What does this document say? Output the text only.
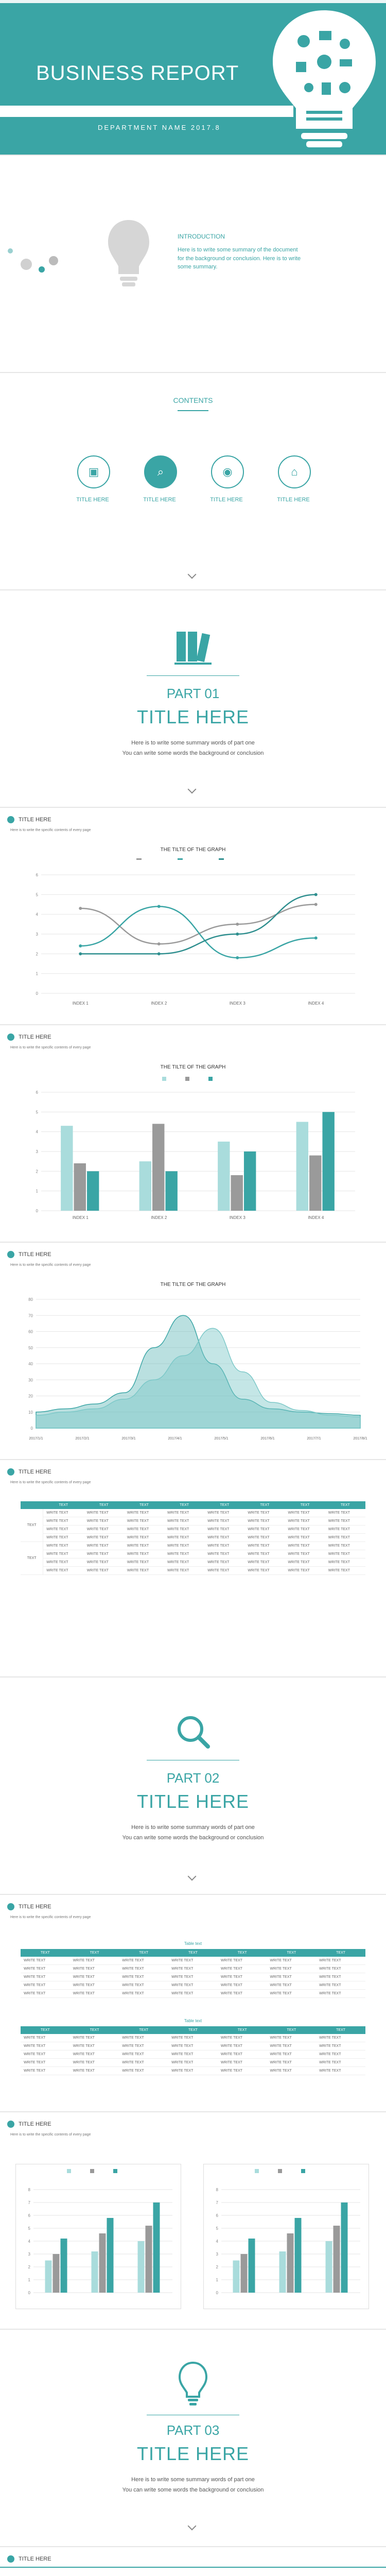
BUSINESS REPORT
DEPARTMENT NAME 2017.8
INTRODUCTION
Here is to write some summary of the document for the background or conclusion. Here is to write some summary.
CONTENTS
▣
TITLE HERE
⌕
TITLE HERE
◉
TITLE HERE
⌂
TITLE HERE
PART 01
TITLE HERE
Here is to write some summary words of part one
You can write some words the background or conclusion
TITLE HERE
Here is to write the specific contents of every page
THE TILTE OF THE GRAPH
0
1
2
3
4
5
6
INDEX 1	INDEX 2	INDEX 3	INDEX 4
TITLE HERE
Here is to write the specific contents of every page
THE TILTE OF THE GRAPH
0
1
2
3
4
5
6
INDEX 1	INDEX 2	INDEX 3	INDEX 4
TITLE HERE
Here is to write the specific contents of every page
THE TILTE OF THE GRAPH
0
10
20
30
40
50
60
70
80
2017/1/1	2017/2/1	2017/3/1	2017/4/1	2017/5/1	2017/6/1	2017/7/1	2017/8/1
TITLE HERE
Here is to write the specific contents of every page
	TEXT	TEXT	TEXT	TEXT	TEXT	TEXT	TEXT	TEXT
TEXT	WRITE TEXT	WRITE TEXT	WRITE TEXT	WRITE TEXT	WRITE TEXT	WRITE TEXT	WRITE TEXT	WRITE TEXT
	WRITE TEXT	WRITE TEXT	WRITE TEXT	WRITE TEXT	WRITE TEXT	WRITE TEXT	WRITE TEXT	WRITE TEXT
	WRITE TEXT	WRITE TEXT	WRITE TEXT	WRITE TEXT	WRITE TEXT	WRITE TEXT	WRITE TEXT	WRITE TEXT
	WRITE TEXT	WRITE TEXT	WRITE TEXT	WRITE TEXT	WRITE TEXT	WRITE TEXT	WRITE TEXT	WRITE TEXT
TEXT	WRITE TEXT	WRITE TEXT	WRITE TEXT	WRITE TEXT	WRITE TEXT	WRITE TEXT	WRITE TEXT	WRITE TEXT
	WRITE TEXT	WRITE TEXT	WRITE TEXT	WRITE TEXT	WRITE TEXT	WRITE TEXT	WRITE TEXT	WRITE TEXT
	WRITE TEXT	WRITE TEXT	WRITE TEXT	WRITE TEXT	WRITE TEXT	WRITE TEXT	WRITE TEXT	WRITE TEXT
	WRITE TEXT	WRITE TEXT	WRITE TEXT	WRITE TEXT	WRITE TEXT	WRITE TEXT	WRITE TEXT	WRITE TEXT
PART 02
TITLE HERE
Here is to write some summary words of part one
You can write some words the background or conclusion
TITLE HERE
Here is to write the specific contents of every page
Table text
TEXT	TEXT	TEXT	TEXT	TEXT	TEXT	TEXT
WRITE TEXT	WRITE TEXT	WRITE TEXT	WRITE TEXT	WRITE TEXT	WRITE TEXT	WRITE TEXT
WRITE TEXT	WRITE TEXT	WRITE TEXT	WRITE TEXT	WRITE TEXT	WRITE TEXT	WRITE TEXT
WRITE TEXT	WRITE TEXT	WRITE TEXT	WRITE TEXT	WRITE TEXT	WRITE TEXT	WRITE TEXT
WRITE TEXT	WRITE TEXT	WRITE TEXT	WRITE TEXT	WRITE TEXT	WRITE TEXT	WRITE TEXT
WRITE TEXT	WRITE TEXT	WRITE TEXT	WRITE TEXT	WRITE TEXT	WRITE TEXT	WRITE TEXT
Table text
TEXT	TEXT	TEXT	TEXT	TEXT	TEXT	TEXT
WRITE TEXT	WRITE TEXT	WRITE TEXT	WRITE TEXT	WRITE TEXT	WRITE TEXT	WRITE TEXT
WRITE TEXT	WRITE TEXT	WRITE TEXT	WRITE TEXT	WRITE TEXT	WRITE TEXT	WRITE TEXT
WRITE TEXT	WRITE TEXT	WRITE TEXT	WRITE TEXT	WRITE TEXT	WRITE TEXT	WRITE TEXT
WRITE TEXT	WRITE TEXT	WRITE TEXT	WRITE TEXT	WRITE TEXT	WRITE TEXT	WRITE TEXT
WRITE TEXT	WRITE TEXT	WRITE TEXT	WRITE TEXT	WRITE TEXT	WRITE TEXT	WRITE TEXT
TITLE HERE
Here is to write the specific contents of every page
0
1
2
3
4
5
6
7
8
0
1
2
3
4
5
6
7
8
PART 03
TITLE HERE
Here is to write some summary words of part one
You can write some words the background or conclusion
TITLE HERE
